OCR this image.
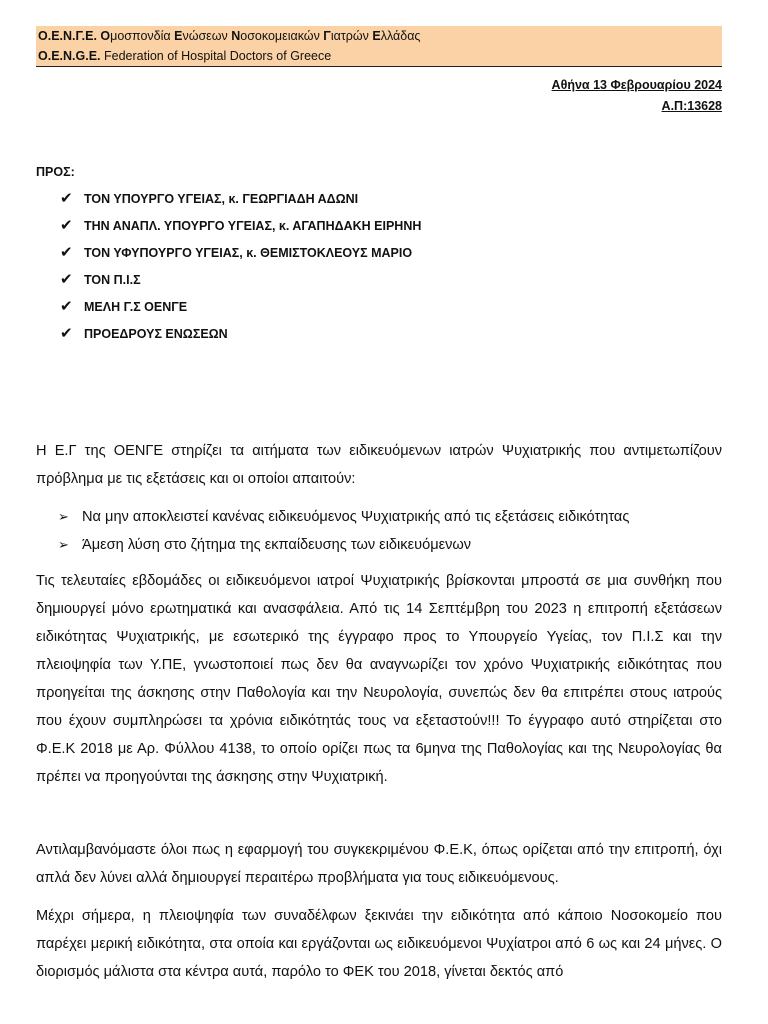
Ο.Ε.Ν.Γ.Ε. Ομοσπονδία Ενώσεων Νοσοκομειακών Γιατρών Ελλάδας
O.E.N.G.E. Federation of Hospital Doctors of Greece
Αθήνα 13 Φεβρουαρίου 2024
Α.Π:13628
ΠΡΟΣ:
✔ ΤΟΝ ΥΠΟΥΡΓΟ ΥΓΕΙΑΣ, κ. ΓΕΩΡΓΙΑΔΗ ΑΔΩΝΙ
✔ ΤΗΝ ΑΝΑΠΛ. ΥΠΟΥΡΓΟ ΥΓΕΙΑΣ, κ. ΑΓΑΠΗΔΑΚΗ ΕΙΡΗΝΗ
✔ ΤΟΝ ΥΦΥΠΟΥΡΓΟ ΥΓΕΙΑΣ, κ. ΘΕΜΙΣΤΟΚΛΕΟΥΣ ΜΑΡΙΟ
✔ ΤΟΝ Π.Ι.Σ
✔ ΜΕΛΗ Γ.Σ ΟΕΝΓΕ
✔ ΠΡΟΕΔΡΟΥΣ ΕΝΩΣΕΩΝ

Η Ε.Γ της ΟΕΝΓΕ στηρίζει τα αιτήματα των ειδικευόμενων ιατρών Ψυχιατρικής που αντιμετωπίζουν πρόβλημα με τις εξετάσεις και οι οποίοι απαιτούν:

➢ Να μην αποκλειστεί κανένας ειδικευόμενος Ψυχιατρικής από τις εξετάσεις ειδικότητας
➢ Άμεση λύση στο ζήτημα της εκπαίδευσης των ειδικευόμενων

Τις τελευταίες εβδομάδες οι ειδικευόμενοι ιατροί Ψυχιατρικής βρίσκονται μπροστά σε μια συνθήκη που δημιουργεί μόνο ερωτηματικά και ανασφάλεια. Από τις 14 Σεπτέμβρη του 2023 η επιτροπή εξετάσεων ειδικότητας Ψυχιατρικής, με εσωτερικό της έγγραφο προς το Υπουργείο Υγείας, τον Π.Ι.Σ και την πλειοψηφία των Υ.ΠΕ, γνωστοποιεί πως δεν θα αναγνωρίζει τον χρόνο Ψυχιατρικής ειδικότητας που προηγείται της άσκησης στην Παθολογία και την Νευρολογία, συνεπώς δεν θα επιτρέπει στους ιατρούς που έχουν συμπληρώσει τα χρόνια ειδικότητάς τους να εξεταστούν!!! Το έγγραφο αυτό στηρίζεται στο Φ.Ε.Κ 2018 με Αρ. Φύλλου 4138, το οποίο ορίζει πως τα 6μηνα της Παθολογίας και της Νευρολογίας θα πρέπει να προηγούνται της άσκησης στην Ψυχιατρική.

Αντιλαμβανόμαστε όλοι πως η εφαρμογή του συγκεκριμένου Φ.Ε.Κ, όπως ορίζεται από την επιτροπή, όχι απλά δεν λύνει αλλά δημιουργεί περαιτέρω προβλήματα για τους ειδικευόμενους.

Μέχρι σήμερα, η πλειοψηφία των συναδέλφων ξεκινάει την ειδικότητα από κάποιο Νοσοκομείο που παρέχει μερική ειδικότητα, στα οποία και εργάζονται ως ειδικευόμενοι Ψυχίατροι από 6 ως και 24 μήνες. Ο διορισμός μάλιστα στα κέντρα αυτά, παρόλο το ΦΕΚ του 2018, γίνεται δεκτός από
